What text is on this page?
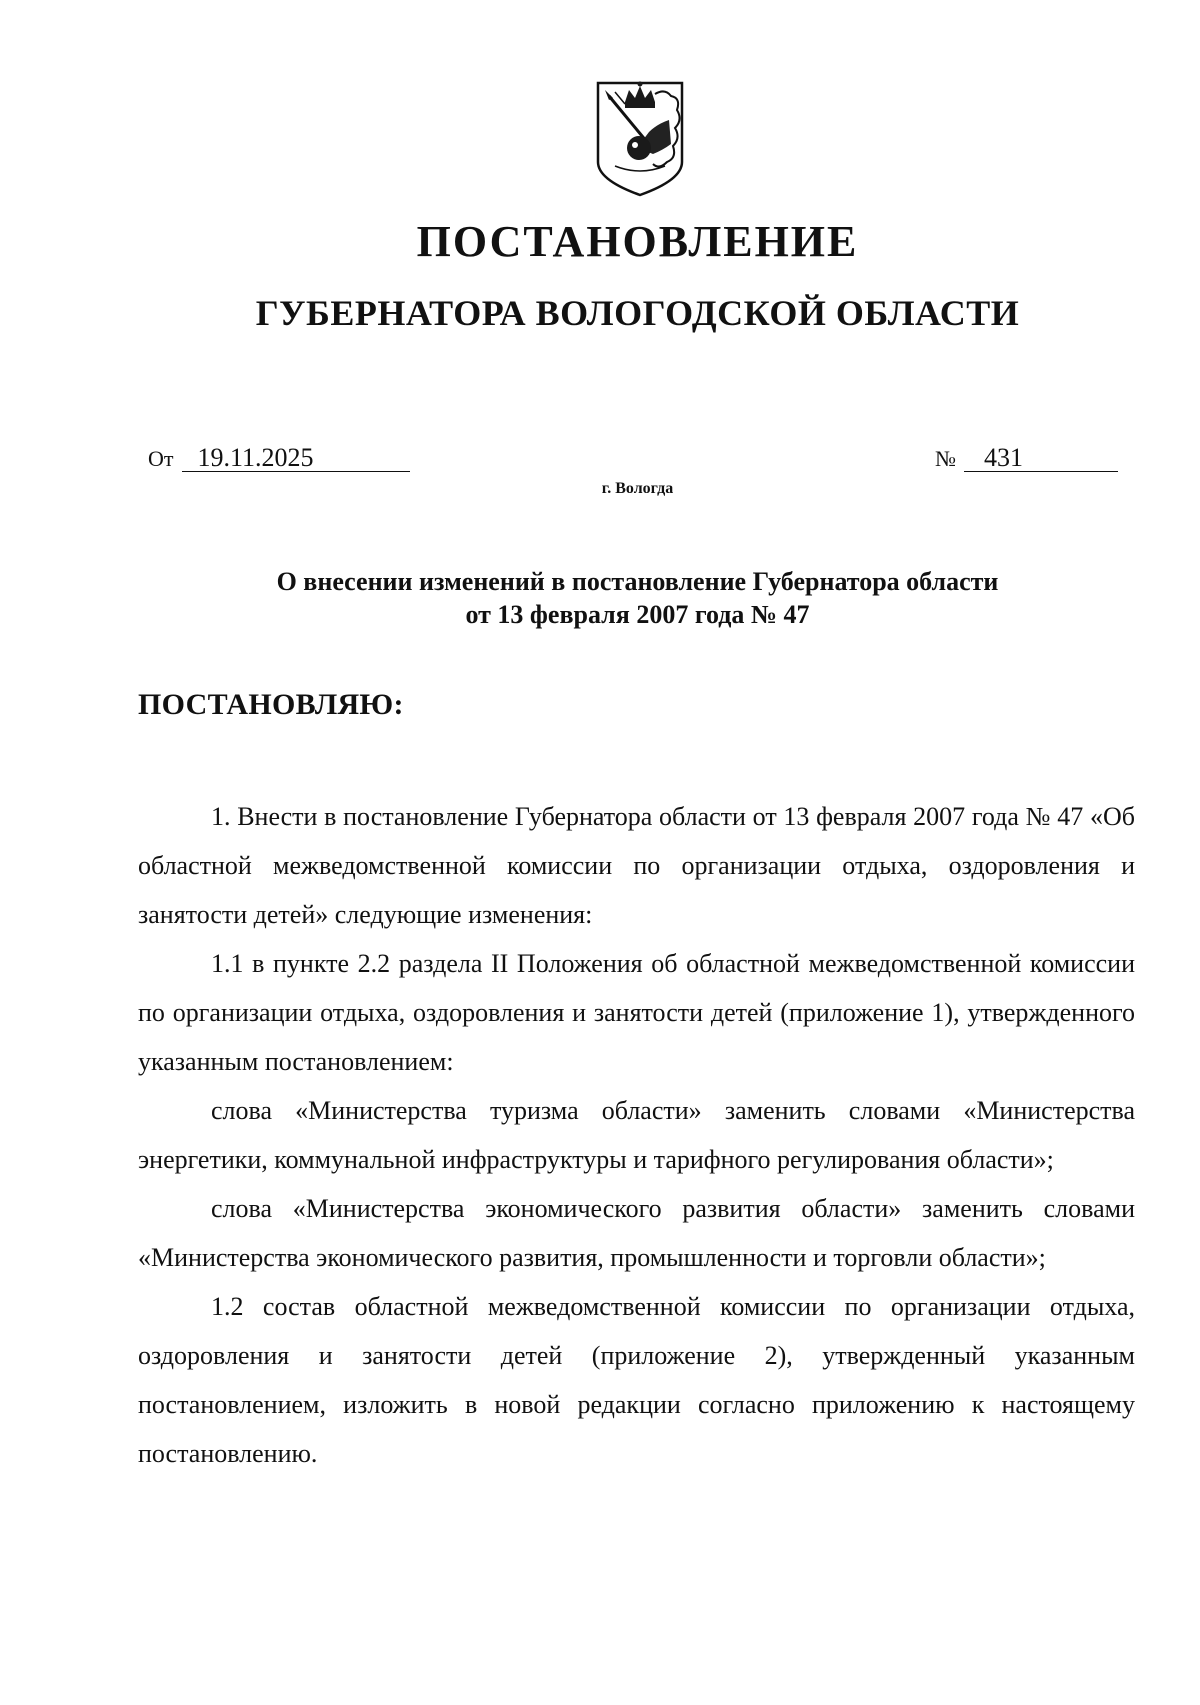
ПОСТАНОВЛЕНИЕ
ГУБЕРНАТОРА ВОЛОГОДСКОЙ ОБЛАСТИ
От 19.11.2025	№ 431
г. Вологда
О внесении изменений в постановление Губернатора области
от 13 февраля 2007 года № 47
ПОСТАНОВЛЯЮ:

1. Внести в постановление Губернатора области от 13 февраля 2007 года № 47 «Об областной межведомственной комиссии по организации отдыха, оздоровления и занятости детей» следующие изменения:

1.1 в пункте 2.2 раздела II Положения об областной межведомственной комиссии по организации отдыха, оздоровления и занятости детей (приложение 1), утвержденного указанным постановлением:

слова «Министерства туризма области» заменить словами «Министерства энергетики, коммунальной инфраструктуры и тарифного регулирования области»;

слова «Министерства экономического развития области» заменить словами «Министерства экономического развития, промышленности и торговли области»;

1.2 состав областной межведомственной комиссии по организации отдыха, оздоровления и занятости детей (приложение 2), утвержденный указанным постановлением, изложить в новой редакции согласно приложению к настоящему постановлению.
